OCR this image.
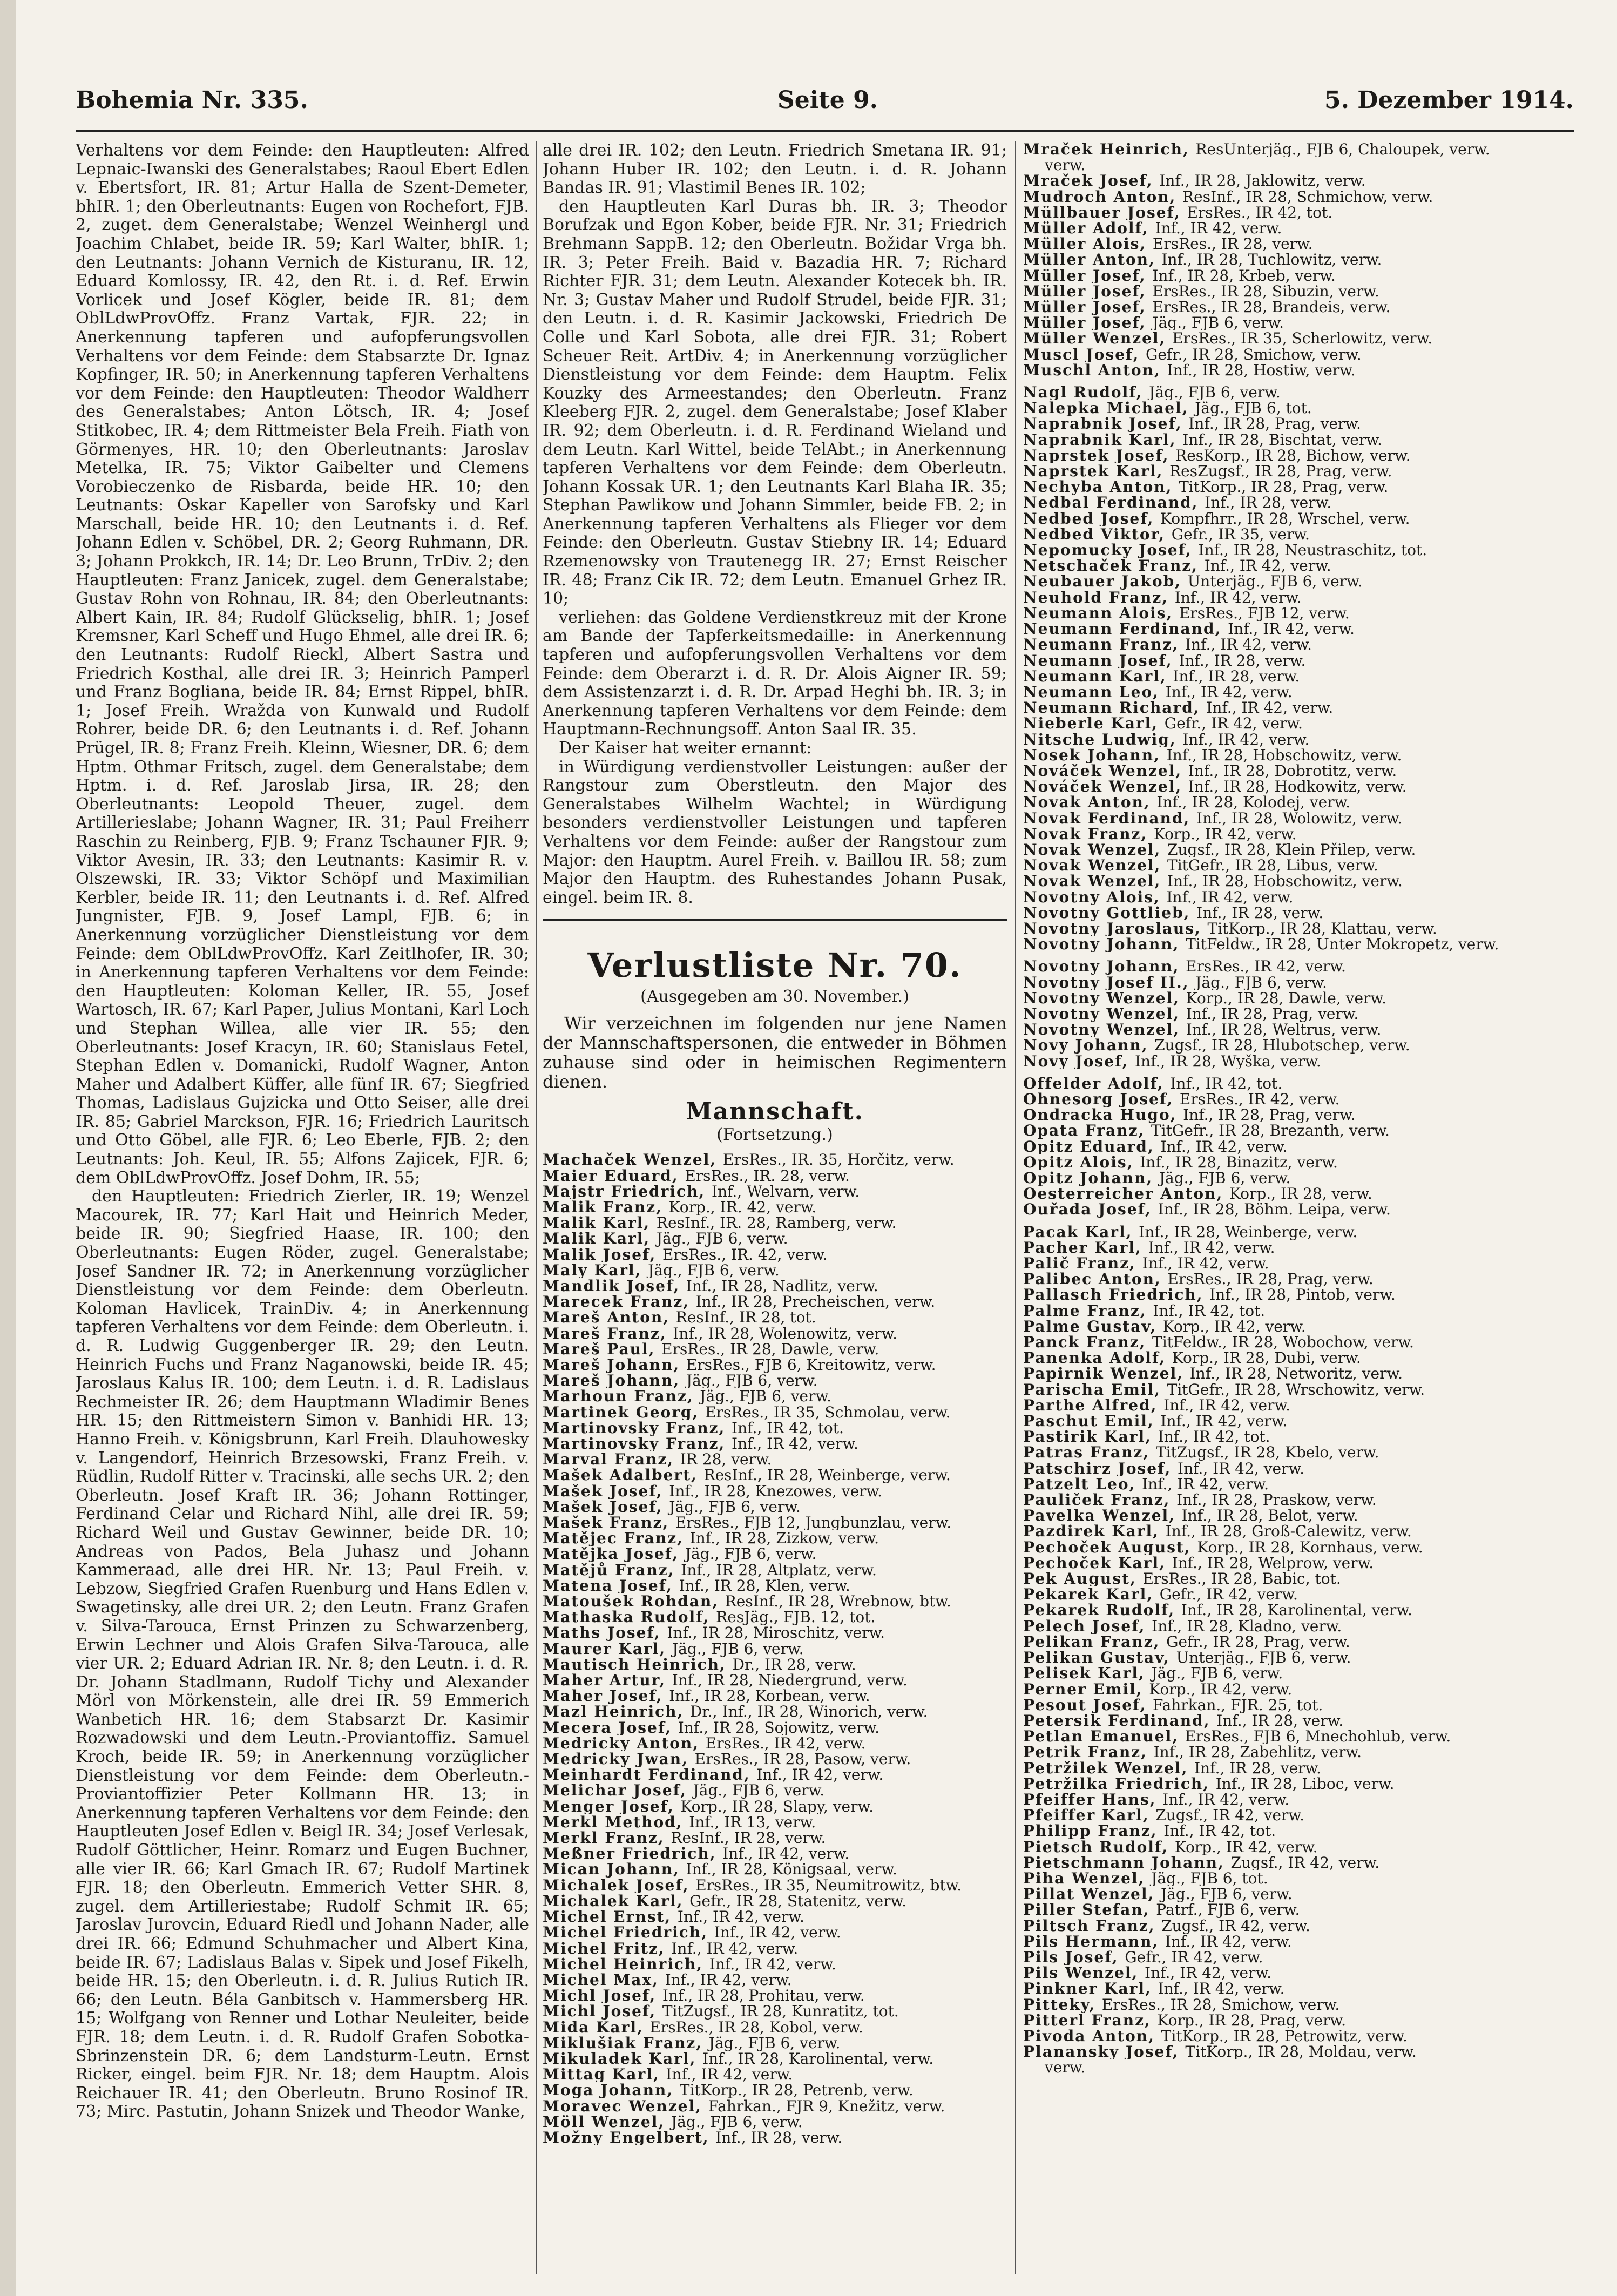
Bohemia Nr. 335.	Seite 9.	5. Dezember 1914.

Verhaltens vor dem Feinde: den Hauptleuten: Alfred Lepnaic-Iwanski des Generalstabes; Raoul Ebert Edlen v. Ebertsfort, IR. 81; Artur Halla de Szent-Demeter, bhIR. 1; den Oberleutnants: Eugen von Rochefort, FJB. 2, zuget. dem Generalstabe; Wenzel Weinhergl und Joachim Chlabet, beide IR. 59; Karl Walter, bhIR. 1; den Leutnants: Johann Vernich de Kisturanu, IR. 12, Eduard Komlossy, IR. 42, den Rt. i. d. Ref. Erwin Vorlicek und Josef Kögler, beide IR. 81; dem OblLdwProvOffz. Franz Vartak, FJR. 22; in Anerkennung tapferen und aufopferungsvollen Verhaltens vor dem Feinde: dem Stabsarzte Dr. Ignaz Kopfinger, IR. 50; in Anerkennung tapferen Verhaltens vor dem Feinde: den Hauptleuten: Theodor Waldherr des Generalstabes; Anton Lötsch, IR. 4; Josef Stitkobec, IR. 4; dem Rittmeister Bela Freih. Fiath von Görmenyes, HR. 10; den Oberleutnants: Jaroslav Metelka, IR. 75; Viktor Gaibelter und Clemens Vorobieczenko de Risbarda, beide HR. 10; den Leutnants: Oskar Kapeller von Sarofsky und Karl Marschall, beide HR. 10; den Leutnants i. d. Ref. Johann Edlen v. Schöbel, DR. 2; Georg Ruhmann, DR. 3; Johann Prokkch, IR. 14; Dr. Leo Brunn, TrDiv. 2; den Hauptleuten: Franz Janicek, zugel. dem Generalstabe; Gustav Rohn von Rohnau, IR. 84; den Oberleutnants: Albert Kain, IR. 84; Rudolf Glückselig, bhIR. 1; Josef Kremsner, Karl Scheff und Hugo Ehmel, alle drei IR. 6; den Leutnants: Rudolf Rieckl, Albert Sastra und Friedrich Kosthal, alle drei IR. 3; Heinrich Pamperl und Franz Bogliana, beide IR. 84; Ernst Rippel, bhIR. 1; Josef Freih. Wražda von Kunwald und Rudolf Rohrer, beide DR. 6; den Leutnants i. d. Ref. Johann Prügel, IR. 8; Franz Freih. Kleinn, Wiesner, DR. 6; dem Hptm. Othmar Fritsch, zugel. dem Generalstabe; dem Hptm. i. d. Ref. Jaroslab Jirsa, IR. 28; den Oberleutnants: Leopold Theuer, zugel. dem Artillerieslabe; Johann Wagner, IR. 31; Paul Freiherr Raschin zu Reinberg, FJB. 9; Franz Tschauner FJR. 9; Viktor Avesin, IR. 33; den Leutnants: Kasimir R. v. Olszewski, IR. 33; Viktor Schöpf und Maximilian Kerbler, beide IR. 11; den Leutnants i. d. Ref. Alfred Jungnister, FJB. 9, Josef Lampl, FJB. 6; in Anerkennung vorzüglicher Dienstleistung vor dem Feinde: dem OblLdwProvOffz. Karl Zeitlhofer, IR. 30; in Anerkennung tapferen Verhaltens vor dem Feinde: den Hauptleuten: Koloman Keller, IR. 55, Josef Wartosch, IR. 67; Karl Paper, Julius Montani, Karl Loch und Stephan Willea, alle vier IR. 55; den Oberleutnants: Josef Kracyn, IR. 60; Stanislaus Fetel, Stephan Edlen v. Domanicki, Rudolf Wagner, Anton Maher und Adalbert Küffer, alle fünf IR. 67; Siegfried Thomas, Ladislaus Gujzicka und Otto Seiser, alle drei IR. 85; Gabriel Marckson, FJR. 16; Friedrich Lauritsch und Otto Göbel, alle FJR. 6; Leo Eberle, FJB. 2; den Leutnants: Joh. Keul, IR. 55; Alfons Zajicek, FJR. 6; dem OblLdwProvOffz. Josef Dohm, IR. 55;

den Hauptleuten: Friedrich Zierler, IR. 19; Wenzel Macourek, IR. 77; Karl Hait und Heinrich Meder, beide IR. 90; Siegfried Haase, IR. 100; den Oberleutnants: Eugen Röder, zugel. Generalstabe; Josef Sandner IR. 72; in Anerkennung vorzüglicher Dienstleistung vor dem Feinde: dem Oberleutn. Koloman Havlicek, TrainDiv. 4; in Anerkennung tapferen Verhaltens vor dem Feinde: dem Oberleutn. i. d. R. Ludwig Guggenberger IR. 29; den Leutn. Heinrich Fuchs und Franz Naganowski, beide IR. 45; Jaroslaus Kalus IR. 100; dem Leutn. i. d. R. Ladislaus Rechmeister IR. 26; dem Hauptmann Wladimir Benes HR. 15; den Rittmeistern Simon v. Banhidi HR. 13; Hanno Freih. v. Königsbrunn, Karl Freih. Dlauhowesky v. Langendorf, Heinrich Brzesowski, Franz Freih. v. Rüdlin, Rudolf Ritter v. Tracinski, alle sechs UR. 2; den Oberleutn. Josef Kraft IR. 36; Johann Rottinger, Ferdinand Celar und Richard Nihl, alle drei IR. 59; Richard Weil und Gustav Gewinner, beide DR. 10; Andreas von Pados, Bela Juhasz und Johann Kammeraad, alle drei HR. Nr. 13; Paul Freih. v. Lebzow, Siegfried Grafen Ruenburg und Hans Edlen v. Swagetinsky, alle drei UR. 2; den Leutn. Franz Grafen v. Silva-Tarouca, Ernst Prinzen zu Schwarzenberg, Erwin Lechner und Alois Grafen Silva-Tarouca, alle vier UR. 2; Eduard Adrian IR. Nr. 8; den Leutn. i. d. R. Dr. Johann Stadlmann, Rudolf Tichy und Alexander Mörl von Mörkenstein, alle drei IR. 59 Emmerich Wanbetich HR. 16; dem Stabsarzt Dr. Kasimir Rozwadowski und dem Leutn.-Proviantoffiz. Samuel Kroch, beide IR. 59; in Anerkennung vorzüglicher Dienstleistung vor dem Feinde: dem Oberleutn.-Proviantoffizier Peter Kollmann HR. 13; in Anerkennung tapferen Verhaltens vor dem Feinde: den Hauptleuten Josef Edlen v. Beigl IR. 34; Josef Verlesak, Rudolf Göttlicher, Heinr. Romarz und Eugen Buchner, alle vier IR. 66; Karl Gmach IR. 67; Rudolf Martinek FJR. 18; den Oberleutn. Emmerich Vetter SHR. 8, zugel. dem Artilleriestabe; Rudolf Schmit IR. 65; Jaroslav Jurovcin, Eduard Riedl und Johann Nader, alle drei IR. 66; Edmund Schuhmacher und Albert Kina, beide IR. 67; Ladislaus Balas v. Sipek und Josef Fikelh, beide HR. 15; den Oberleutn. i. d. R. Julius Rutich IR. 66; den Leutn. Béla Ganbitsch v. Hammersberg HR. 15; Wolfgang von Renner und Lothar Neuleiter, beide FJR. 18; dem Leutn. i. d. R. Rudolf Grafen Sobotka-Sbrinzenstein DR. 6; dem Landsturm-Leutn. Ernst Ricker, eingel. beim FJR. Nr. 18; dem Hauptm. Alois Reichauer IR. 41; den Oberleutn. Bruno Rosinof IR. 73; Mirc. Pastutin, Johann Snizek und Theodor Wanke,

alle drei IR. 102; den Leutn. Friedrich Smetana IR. 91; Johann Huber IR. 102; den Leutn. i. d. R. Johann Bandas IR. 91; Vlastimil Benes IR. 102;

den Hauptleuten Karl Duras bh. IR. 3; Theodor Borufzak und Egon Kober, beide FJR. Nr. 31; Friedrich Brehmann SappB. 12; den Oberleutn. Božidar Vrga bh. IR. 3; Peter Freih. Baid v. Bazadia HR. 7; Richard Richter FJR. 31; dem Leutn. Alexander Kotecek bh. IR. Nr. 3; Gustav Maher und Rudolf Strudel, beide FJR. 31; den Leutn. i. d. R. Kasimir Jackowski, Friedrich De Colle und Karl Sobota, alle drei FJR. 31; Robert Scheuer Reit. ArtDiv. 4; in Anerkennung vorzüglicher Dienstleistung vor dem Feinde: dem Hauptm. Felix Kouzky des Armeestandes; den Oberleutn. Franz Kleeberg FJR. 2, zugel. dem Generalstabe; Josef Klaber IR. 92; dem Oberleutn. i. d. R. Ferdinand Wieland und dem Leutn. Karl Wittel, beide TelAbt.; in Anerkennung tapferen Verhaltens vor dem Feinde: dem Oberleutn. Johann Kossak UR. 1; den Leutnants Karl Blaha IR. 35; Stephan Pawlikow und Johann Simmler, beide FB. 2; in Anerkennung tapferen Verhaltens als Flieger vor dem Feinde: den Oberleutn. Gustav Stiebny IR. 14; Eduard Rzemenowsky von Trautenegg IR. 27; Ernst Reischer IR. 48; Franz Cik IR. 72; dem Leutn. Emanuel Grhez IR. 10;

verliehen: das Goldene Verdienstkreuz mit der Krone am Bande der Tapferkeitsmedaille: in Anerkennung tapferen und aufopferungsvollen Verhaltens vor dem Feinde: dem Oberarzt i. d. R. Dr. Alois Aigner IR. 59; dem Assistenzarzt i. d. R. Dr. Arpad Heghi bh. IR. 3; in Anerkennung tapferen Verhaltens vor dem Feinde: dem Hauptmann-Rechnungsoff. Anton Saal IR. 35.

Der Kaiser hat weiter ernannt:

in Würdigung verdienstvoller Leistungen: außer der Rangstour zum Oberstleutn. den Major des Generalstabes Wilhelm Wachtel; in Würdigung besonders verdienstvoller Leistungen und tapferen Verhaltens vor dem Feinde: außer der Rangstour zum Major: den Hauptm. Aurel Freih. v. Baillou IR. 58; zum Major den Hauptm. des Ruhestandes Johann Pusak, eingel. beim IR. 8.

Verlustliste Nr. 70.
(Ausgegeben am 30. November.)

Wir verzeichnen im folgenden nur jene Namen der Mannschaftspersonen, die entweder in Böhmen zuhause sind oder in heimischen Regimentern dienen.

Mannschaft.
(Fortsetzung.)

Machaček Wenzel, ErsRes., IR. 35, Horčitz, verw.

Maier Eduard, ErsRes., IR. 28, verw.

Majstr Friedrich, Inf., Welvarn, verw.

Malik Franz, Korp., IR. 42, verw.

Malik Karl, ResInf., IR. 28, Ramberg, verw.

Malik Karl, Jäg., FJB 6, verw.

Malik Josef, ErsRes., IR. 42, verw.

Maly Karl, Jäg., FJB 6, verw.

Mandlik Josef, Inf., IR 28, Nadlitz, verw.

Marecek Franz, Inf., IR 28, Precheischen, verw.

Mareš Anton, ResInf., IR 28, tot.

Mareš Franz, Inf., IR 28, Wolenowitz, verw.

Mareš Paul, ErsRes., IR 28, Dawle, verw.

Mareš Johann, ErsRes., FJB 6, Kreitowitz, verw.

Mareš Johann, Jäg., FJB 6, verw.

Marhoun Franz, Jäg., FJB 6, verw.

Martinek Georg, ErsRes., IR 35, Schmolau, verw.

Martinovsky Franz, Inf., IR 42, tot.

Martinovsky Franz, Inf., IR 42, verw.

Marval Franz, IR 28, verw.

Mašek Adalbert, ResInf., IR 28, Weinberge, verw.

Mašek Josef, Inf., IR 28, Knezowes, verw.

Mašek Josef, Jäg., FJB 6, verw.

Mašek Franz, ErsRes., FJB 12, Jungbunzlau, verw.

Matějec Franz, Inf., IR 28, Zizkow, verw.

Matějka Josef, Jäg., FJB 6, verw.

Matějů Franz, Inf., IR 28, Altplatz, verw.

Matena Josef, Inf., IR 28, Klen, verw.

Matoušek Rohdan, ResInf., IR 28, Wrebnow, btw.

Mathaska Rudolf, ResJäg., FJB. 12, tot.

Maths Josef, Inf., IR 28, Miroschitz, verw.

Maurer Karl, Jäg., FJB 6, verw.

Mautisch Heinrich, Dr., IR 28, verw.

Maher Artur, Inf., IR 28, Niedergrund, verw.

Maher Josef, Inf., IR 28, Korbean, verw.

Mazl Heinrich, Dr., Inf., IR 28, Winorich, verw.

Mecera Josef, Inf., IR 28, Sojowitz, verw.

Medricky Anton, ErsRes., IR 42, verw.

Medricky Jwan, ErsRes., IR 28, Pasow, verw.

Meinhardt Ferdinand, Inf., IR 42, verw.

Melichar Josef, Jäg., FJB 6, verw.

Menger Josef, Korp., IR 28, Slapy, verw.

Merkl Method, Inf., IR 13, verw.

Merkl Franz, ResInf., IR 28, verw.

Meßner Friedrich, Inf., IR 42, verw.

Mican Johann, Inf., IR 28, Königsaal, verw.

Michalek Josef, ErsRes., IR 35, Neumitrowitz, btw.

Michalek Karl, Gefr., IR 28, Statenitz, verw.

Michel Ernst, Inf., IR 42, verw.

Michel Friedrich, Inf., IR 42, verw.

Michel Fritz, Inf., IR 42, verw.

Michel Heinrich, Inf., IR 42, verw.

Michel Max, Inf., IR 42, verw.

Michl Josef, Inf., IR 28, Prohitau, verw.

Michl Josef, TitZugsf., IR 28, Kunratitz, tot.

Mida Karl, ErsRes., IR 28, Kobol, verw.

Miklušiak Franz, Jäg., FJB 6, verw.

Mikuladek Karl, Inf., IR 28, Karolinental, verw.

Mittag Karl, Inf., IR 42, verw.

Moga Johann, TitKorp., IR 28, Petrenb, verw.

Moravec Wenzel, Fahrkan., FJR 9, Knežitz, verw.

Möll Wenzel, Jäg., FJB 6, verw.

Možny Engelbert, Inf., IR 28, verw.

Mraček Heinrich, ResUnterjäg., FJB 6, Chaloupek, verw.

verw.

Mraček Josef, Inf., IR 28, Jaklowitz, verw.

Mudroch Anton, ResInf., IR 28, Schmichow, verw.

Müllbauer Josef, ErsRes., IR 42, tot.

Müller Adolf, Inf., IR 42, verw.

Müller Alois, ErsRes., IR 28, verw.

Müller Anton, Inf., IR 28, Tuchlowitz, verw.

Müller Josef, Inf., IR 28, Krbeb, verw.

Müller Josef, ErsRes., IR 28, Sibuzin, verw.

Müller Josef, ErsRes., IR 28, Brandeis, verw.

Müller Josef, Jäg., FJB 6, verw.

Müller Wenzel, ErsRes., IR 35, Scherlowitz, verw.

Muscl Josef, Gefr., IR 28, Smichow, verw.

Muschl Anton, Inf., IR 28, Hostiw, verw.

Nagl Rudolf, Jäg., FJB 6, verw.

Nalepka Michael, Jäg., FJB 6, tot.

Naprabnik Josef, Inf., IR 28, Prag, verw.

Naprabnik Karl, Inf., IR 28, Bischtat, verw.

Naprstek Josef, ResKorp., IR 28, Bichow, verw.

Naprstek Karl, ResZugsf., IR 28, Prag, verw.

Nechyba Anton, TitKorp., IR 28, Prag, verw.

Nedbal Ferdinand, Inf., IR 28, verw.

Nedbed Josef, Kompfhrr., IR 28, Wrschel, verw.

Nedbed Viktor, Gefr., IR 35, verw.

Nepomucky Josef, Inf., IR 28, Neustraschitz, tot.

Netschaček Franz, Inf., IR 42, verw.

Neubauer Jakob, Unterjäg., FJB 6, verw.

Neuhold Franz, Inf., IR 42, verw.

Neumann Alois, ErsRes., FJB 12, verw.

Neumann Ferdinand, Inf., IR 42, verw.

Neumann Franz, Inf., IR 42, verw.

Neumann Josef, Inf., IR 28, verw.

Neumann Karl, Inf., IR 28, verw.

Neumann Leo, Inf., IR 42, verw.

Neumann Richard, Inf., IR 42, verw.

Nieberle Karl, Gefr., IR 42, verw.

Nitsche Ludwig, Inf., IR 42, verw.

Nosek Johann, Inf., IR 28, Hobschowitz, verw.

Nováček Wenzel, Inf., IR 28, Dobrotitz, verw.

Nováček Wenzel, Inf., IR 28, Hodkowitz, verw.

Novak Anton, Inf., IR 28, Kolodej, verw.

Novak Ferdinand, Inf., IR 28, Wolowitz, verw.

Novak Franz, Korp., IR 42, verw.

Novak Wenzel, Zugsf., IR 28, Klein Přilep, verw.

Novak Wenzel, TitGefr., IR 28, Libus, verw.

Novak Wenzel, Inf., IR 28, Hobschowitz, verw.

Novotny Alois, Inf., IR 42, verw.

Novotny Gottlieb, Inf., IR 28, verw.

Novotny Jaroslaus, TitKorp., IR 28, Klattau, verw.

Novotny Johann, TitFeldw., IR 28, Unter Mokropetz, verw.

Novotny Johann, ErsRes., IR 42, verw.

Novotny Josef II., Jäg., FJB 6, verw.

Novotny Wenzel, Korp., IR 28, Dawle, verw.

Novotny Wenzel, Inf., IR 28, Prag, verw.

Novotny Wenzel, Inf., IR 28, Weltrus, verw.

Novy Johann, Zugsf., IR 28, Hlubotschep, verw.

Novy Josef, Inf., IR 28, Wyška, verw.

Offelder Adolf, Inf., IR 42, tot.

Ohnesorg Josef, ErsRes., IR 42, verw.

Ondracka Hugo, Inf., IR 28, Prag, verw.

Opata Franz, TitGefr., IR 28, Brezanth, verw.

Opitz Eduard, Inf., IR 42, verw.

Opitz Alois, Inf., IR 28, Binazitz, verw.

Opitz Johann, Jäg., FJB 6, verw.

Oesterreicher Anton, Korp., IR 28, verw.

Ouřada Josef, Inf., IR 28, Böhm. Leipa, verw.

Pacak Karl, Inf., IR 28, Weinberge, verw.

Pacher Karl, Inf., IR 42, verw.

Palič Franz, Inf., IR 42, verw.

Palibec Anton, ErsRes., IR 28, Prag, verw.

Pallasch Friedrich, Inf., IR 28, Pintob, verw.

Palme Franz, Inf., IR 42, tot.

Palme Gustav, Korp., IR 42, verw.

Panck Franz, TitFeldw., IR 28, Wobochow, verw.

Panenka Adolf, Korp., IR 28, Dubi, verw.

Papirnik Wenzel, Inf., IR 28, Networitz, verw.

Parischa Emil, TitGefr., IR 28, Wrschowitz, verw.

Parthe Alfred, Inf., IR 42, verw.

Paschut Emil, Inf., IR 42, verw.

Pastirik Karl, Inf., IR 42, tot.

Patras Franz, TitZugsf., IR 28, Kbelo, verw.

Patschirz Josef, Inf., IR 42, verw.

Patzelt Leo, Inf., IR 42, verw.

Pauliček Franz, Inf., IR 28, Praskow, verw.

Pavelka Wenzel, Inf., IR 28, Belot, verw.

Pazdirek Karl, Inf., IR 28, Groß-Calewitz, verw.

Pechoček August, Korp., IR 28, Kornhaus, verw.

Pechoček Karl, Inf., IR 28, Welprow, verw.

Pek August, ErsRes., IR 28, Babic, tot.

Pekarek Karl, Gefr., IR 42, verw.

Pekarek Rudolf, Inf., IR 28, Karolinental, verw.

Pelech Josef, Inf., IR 28, Kladno, verw.

Pelikan Franz, Gefr., IR 28, Prag, verw.

Pelikan Gustav, Unterjäg., FJB 6, verw.

Pelisek Karl, Jäg., FJB 6, verw.

Perner Emil, Korp., IR 42, verw.

Pesout Josef, Fahrkan., FJR. 25, tot.

Petersik Ferdinand, Inf., IR 28, verw.

Petlan Emanuel, ErsRes., FJB 6, Mnechohlub, verw.

Petrik Franz, Inf., IR 28, Zabehlitz, verw.

Petržilek Wenzel, Inf., IR 28, verw.

Petržilka Friedrich, Inf., IR 28, Liboc, verw.

Pfeiffer Hans, Inf., IR 42, verw.

Pfeiffer Karl, Zugsf., IR 42, verw.

Philipp Franz, Inf., IR 42, tot.

Pietsch Rudolf, Korp., IR 42, verw.

Pietschmann Johann, Zugsf., IR 42, verw.

Piha Wenzel, Jäg., FJB 6, tot.

Pillat Wenzel, Jäg., FJB 6, verw.

Piller Stefan, Patrf., FJB 6, verw.

Piltsch Franz, Zugsf., IR 42, verw.

Pils Hermann, Inf., IR 42, verw.

Pils Josef, Gefr., IR 42, verw.

Pils Wenzel, Inf., IR 42, verw.

Pinkner Karl, Inf., IR 42, verw.

Pitteky, ErsRes., IR 28, Smichow, verw.

Pitterl Franz, Korp., IR 28, Prag, verw.

Pivoda Anton, TitKorp., IR 28, Petrowitz, verw.

Planansky Josef, TitKorp., IR 28, Moldau, verw.

verw.
